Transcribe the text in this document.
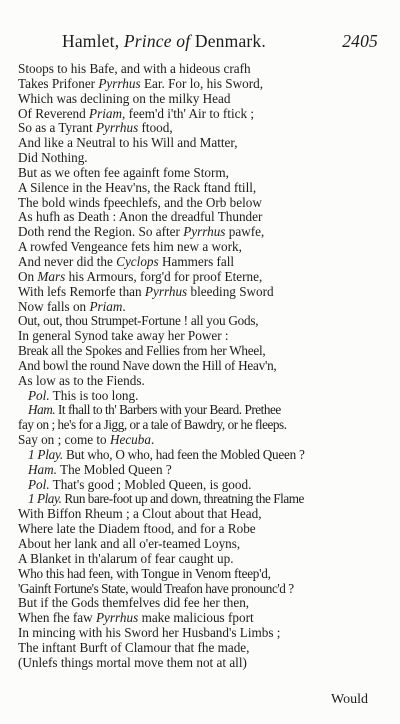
Hamlet, Prince of Denmark.	2405
Stoops to his Bafe, and with a hideous crafh
Takes Prifoner Pyrrhus Ear. For lo, his Sword,
Which was declining on the milky Head
Of Reverend Priam, feem'd i'th' Air to ftick ;
So as a Tyrant Pyrrhus ftood,
And like a Neutral to his Will and Matter,
Did Nothing.
But as we often fee againft fome Storm,
A Silence in the Heav'ns, the Rack ftand ftill,
The bold winds fpeechlefs, and the Orb below
As hufh as Death : Anon the dreadful Thunder
Doth rend the Region. So after Pyrrhus pawfe,
A rowfed Vengeance fets him new a work,
And never did the Cyclops Hammers fall
On Mars his Armours, forg'd for proof Eterne,
With lefs Remorfe than Pyrrhus bleeding Sword
Now falls on Priam.
Out, out, thou Strumpet-Fortune ! all you Gods,
In general Synod take away her Power :
Break all the Spokes and Fellies from her Wheel,
And bowl the round Nave down the Hill of Heav'n,
As low as to the Fiends.
Pol. This is too long.
Ham. It fhall to th' Barbers with your Beard. Prethee
fay on ; he's for a Jigg, or a tale of Bawdry, or he fleeps.
Say on ; come to Hecuba.
1 Play. But who, O who, had feen the Mobled Queen ?
Ham. The Mobled Queen ?
Pol. That's good ; Mobled Queen, is good.
1 Play. Run bare-foot up and down, threatning the Flame
With Biffon Rheum ; a Clout about that Head,
Where late the Diadem ftood, and for a Robe
About her lank and all o'er-teamed Loyns,
A Blanket in th'alarum of fear caught up.
Who this had feen, with Tongue in Venom fteep'd,
'Gainft Fortune's State, would Treafon have pronounc'd ?
But if the Gods themfelves did fee her then,
When fhe faw Pyrrhus make malicious fport
In mincing with his Sword her Husband's Limbs ;
The inftant Burft of Clamour that fhe made,
(Unlefs things mortal move them not at all)
Would
